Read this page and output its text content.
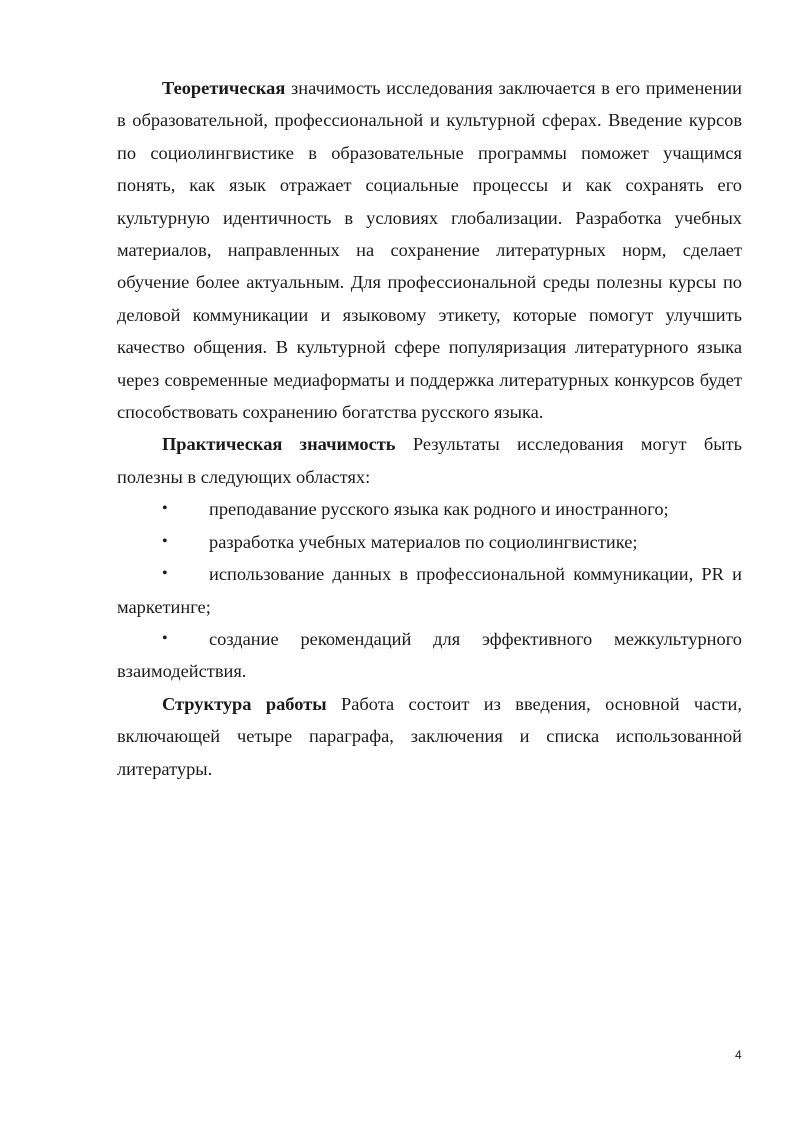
Теоретическая значимость исследования заключается в его применении в образовательной, профессиональной и культурной сферах. Введение курсов по социолингвистике в образовательные программы поможет учащимся понять, как язык отражает социальные процессы и как сохранять его культурную идентичность в условиях глобализации. Разработка учебных материалов, направленных на сохранение литературных норм, сделает обучение более актуальным. Для профессиональной среды полезны курсы по деловой коммуникации и языковому этикету, которые помогут улучшить качество общения. В культурной сфере популяризация литературного языка через современные медиаформаты и поддержка литературных конкурсов будет способствовать сохранению богатства русского языка.

Практическая значимость Результаты исследования могут быть полезны в следующих областях:

• преподавание русского языка как родного и иностранного;
• разработка учебных материалов по социолингвистике;
• использование данных в профессиональной коммуникации, PR и маркетинге;
• создание рекомендаций для эффективного межкультурного взаимодействия.

Структура работы Работа состоит из введения, основной части, включающей четыре параграфа, заключения и списка использованной литературы.

4
